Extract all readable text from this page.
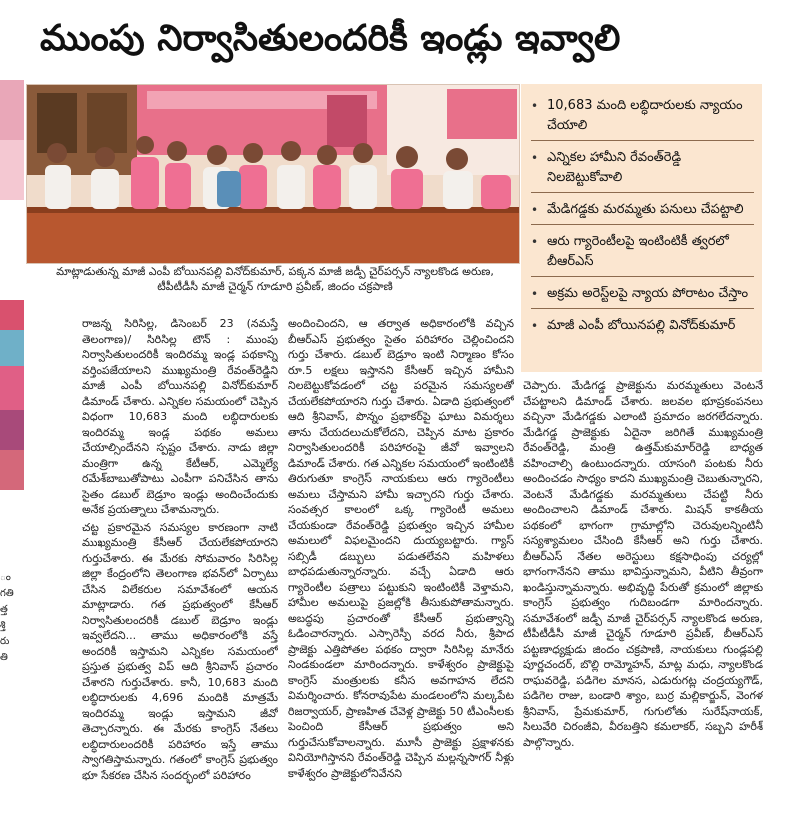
ముంపు నిర్వాసితులందరికీ ఇండ్లు ఇవ్వాలి
ం
గతి
త్త
శ్తి
రు
తి
మాట్లాడుతున్న మాజీ ఎంపీ బోయినపల్లి వినోద్‌కుమార్, పక్కన మాజీ జడ్పీ చైర్‌పర్సన్ న్యాలకొండ అరుణ, టీపీటీడీసీ మాజీ చైర్మన్ గూడూరి ప్రవీణ్, జిందం చక్రపాణి
• 10,683 మంది లబ్ధిదారులకు న్యాయం చేయాలి
• ఎన్నికల హామీని రేవంత్‌రెడ్డి నిలబెట్టుకోవాలి
• మేడిగడ్డకు మరమ్మతు పనులు చేపట్టాలి
• ఆరు గ్యారెంటీలపై ఇంటింటికీ త్వరలో బీఆర్ఎస్
• అక్రమ అరెస్ట్‌లపై న్యాయ పోరాటం చేస్తాం
• మాజీ ఎంపీ బోయినపల్లి వినోద్‌కుమార్

రాజన్న సిరిసిల్ల, డిసెంబర్ 23 (నమస్తే తెలంగాణ)/ సిరిసిల్ల టౌన్ : ముంపు నిర్వాసితులందరికీ ఇందిరమ్మ ఇండ్ల పథకాన్ని వర్తింపజేయాలని ముఖ్యమంత్రి రేవంత్‌రెడ్డిని మాజీ ఎంపీ బోయినపల్లి వినోద్‌కుమార్ డిమాండ్ చేశారు. ఎన్నికల సమయంలో చెప్పిన విధంగా 10,683 మంది లబ్ధిదారులకు ఇందిరమ్మ ఇండ్ల పథకం అమలు చేయాల్సిందేనని స్పష్టం చేశారు. నాడు జిల్లా మంత్రిగా ఉన్న కేటీఆర్, ఎమ్మెల్యే రమేశ్‌బాబుతోపాటు ఎంపీగా పనిచేసిన తాను సైతం డబుల్ బెడ్రూం ఇండ్లు అందించేందుకు అనేక ప్రయత్నాలు చేశామన్నారు.

చట్ట ప్రకారమైన సమస్యల కారణంగా నాటి ముఖ్యమంత్రి కేసీఆర్ చేయలేకపోయారని గుర్తుచేశారు. ఈ మేరకు సోమవారం సిరిసిల్ల జిల్లా కేంద్రంలోని తెలంగాణ భవన్‌లో ఏర్పాటు చేసిన విలేకరుల సమావేశంలో ఆయన మాట్లాడారు. గత ప్రభుత్వంలో కేసీఆర్ నిర్వాసితులందరికీ డబుల్ బెడ్రూం ఇండ్లు ఇవ్వలేదని... తాము అధికారంలోకి వస్తే అందరికీ ఇస్తామని ఎన్నికల సమయంలో ప్రస్తుత ప్రభుత్వ విప్ ఆది శ్రీనివాస్ ప్రచారం చేశారని గుర్తుచేశారు. కానీ, 10,683 మంది లబ్ధిదారులకు 4,696 మందికి మాత్రమే ఇందిరమ్మ ఇండ్లు ఇస్తామని జీవో తెచ్చారన్నారు. ఈ మేరకు కాంగ్రెస్ నేతలు లబ్ధిదారులందరికీ పరిహారం ఇస్తే తాము స్వాగతిస్తామన్నారు. గతంలో కాంగ్రెస్ ప్రభుత్వం భూ సేకరణ చేసిన సందర్భంలో పరిహారం

అందించిందని, ఆ తర్వాత అధికారంలోకి వచ్చిన బీఆర్ఎస్ ప్రభుత్వం సైతం పరిహారం చెల్లించిందని గుర్తు చేశారు. డబుల్ బెడ్రూం ఇంటి నిర్మాణం కోసం రూ.5 లక్షలు ఇస్తానని కేసీఆర్ ఇచ్చిన హామీని నిలబెట్టుకోవడంలో చట్ట పరమైన సమస్యలతో చేయలేకపోయారని గుర్తు చేశారు. ఏడాది ప్రభుత్వంలో ఆది శ్రీనివాస్, పొన్నం ప్రభాకర్‌పై ఘాటు విమర్శలు తాను చేయదలుచుకోలేదని, చెప్పిన మాట ప్రకారం నిర్వాసితులందరికీ పరిహారంపై జీవో ఇవ్వాలని డిమాండ్ చేశారు. గత ఎన్నికల సమయంలో ఇంటింటికీ తిరుగుతూ కాంగ్రెస్ నాయకులు ఆరు గ్యారెంటీలు అమలు చేస్తామని హామీ ఇచ్చారని గుర్తు చేశారు. సంవత్సర కాలంలో ఒక్క గ్యారెంటీ అమలు చేయకుండా రేవంత్‌రెడ్డి ప్రభుత్వం ఇచ్చిన హామీల అమలులో విఫలమైందని దుయ్యబట్టారు. గ్యాస్ సబ్సిడీ డబ్బులు పడుతలేవని మహిళలు బాధపడుతున్నారన్నారు. వచ్చే ఏడాది ఆరు గ్యారెంటీల పత్రాలు పట్టుకుని ఇంటింటికీ వెళ్తామని, హామీల అమలుపై ప్రజల్లోకి తీసుకుపోతామన్నారు. అబద్ధపు ప్రచారంతో కేసీఆర్ ప్రభుత్వాన్ని ఓడించారన్నారు. ఎస్సారెస్పీ వరద నీరు, శ్రీపాద ప్రాజెక్టు ఎత్తిపోతల పథకం ద్వారా సిరిసిల్ల మానేరు నిండకుండలా మారిందన్నారు. కాళేశ్వరం ప్రాజెక్టుపై కాంగ్రెస్ మంత్రులకు కనీస అవగాహన లేదని విమర్శించారు. కోనరావుపేట మండలంలోని మల్కపేట రిజర్వాయర్, ప్రాణహిత చేవెళ్ల ప్రాజెక్టు 50 టీఎంసీలకు పెంచింది కేసీఆర్ ప్రభుత్వం అని గుర్తుచేసుకోవాలన్నారు. మూసీ ప్రాజెక్టు ప్రక్షాళనకు వినియోగిస్తానని రేవంత్‌రెడ్డి చెప్పిన మల్లన్నసాగర్ నీళ్లు కాళేశ్వరం ప్రాజెక్టులోనివేనని

చెప్పారు. మేడిగడ్డ ప్రాజెక్టును మరమ్మతులు వెంటనే చేపట్టాలని డిమాండ్ చేశారు. జలవల భూప్రకంపనలు వచ్చినా మేడిగడ్డకు ఎలాంటి ప్రమాదం జరగలేదన్నారు. మేడిగడ్డ ప్రాజెక్టుకు ఏదైనా జరిగితే ముఖ్యమంత్రి రేవంత్‌రెడ్డి, మంత్రి ఉత్తమ్‌కుమార్‌రెడ్డి బాధ్యత వహించాల్సి ఉంటుందన్నారు. యాసంగి పంటకు నీరు అందించడం సాధ్యం కాదని ముఖ్యమంత్రి చెబుతున్నారని, వెంటనే మేడిగడ్డకు మరమ్మతులు చేపట్టి నీరు అందించాలని డిమాండ్ చేశారు. మిషన్ కాకతీయ పథకంలో భాగంగా గ్రామాల్లోని చెరువులన్నింటినీ సస్యశ్యామలం చేసింది కేసీఆర్ అని గుర్తు చేశారు. బీఆర్ఎస్ నేతల అరెస్టులు కక్షసాధింపు చర్యల్లో భాగంగానేనని తాము భావిస్తున్నామని, వీటిని తీవ్రంగా ఖండిస్తున్నామన్నారు. అభివృద్ధి పేరుతో క్రమంలో జిల్లాకు కాంగ్రెస్ ప్రభుత్వం గుదిబండగా మారిందన్నారు. సమావేశంలో జడ్పీ మాజీ చైర్‌పర్సన్ న్యాలకొండ అరుణ, టీపీటీడీసీ మాజీ చైర్మన్ గూడూరి ప్రవీణ్, బీఆర్ఎస్ పట్టణాధ్యక్షుడు జిందం చక్రపాణి, నాయకులు గుండ్లపల్లి పూర్ణచందర్, బొల్లి రామ్మోహన్, మాట్ల మధు, న్యాలకొండ రాఘవరెడ్డి, పడిగెల మానస, ఎడురుగట్ల చంద్రయ్యగౌడ్, పడిగెల రాజు, బండారి శ్యాం, బుర్ర మల్లికార్జున్, వెంగళ శ్రీనివాస్, ప్రేమకుమార్, గుగులోతు సురేష్‌నాయక్, సిలువేరి చిరంజీవి, వీరబత్తిని కమలాకర్, సబ్బని హరీశ్ పాల్గొన్నారు.
